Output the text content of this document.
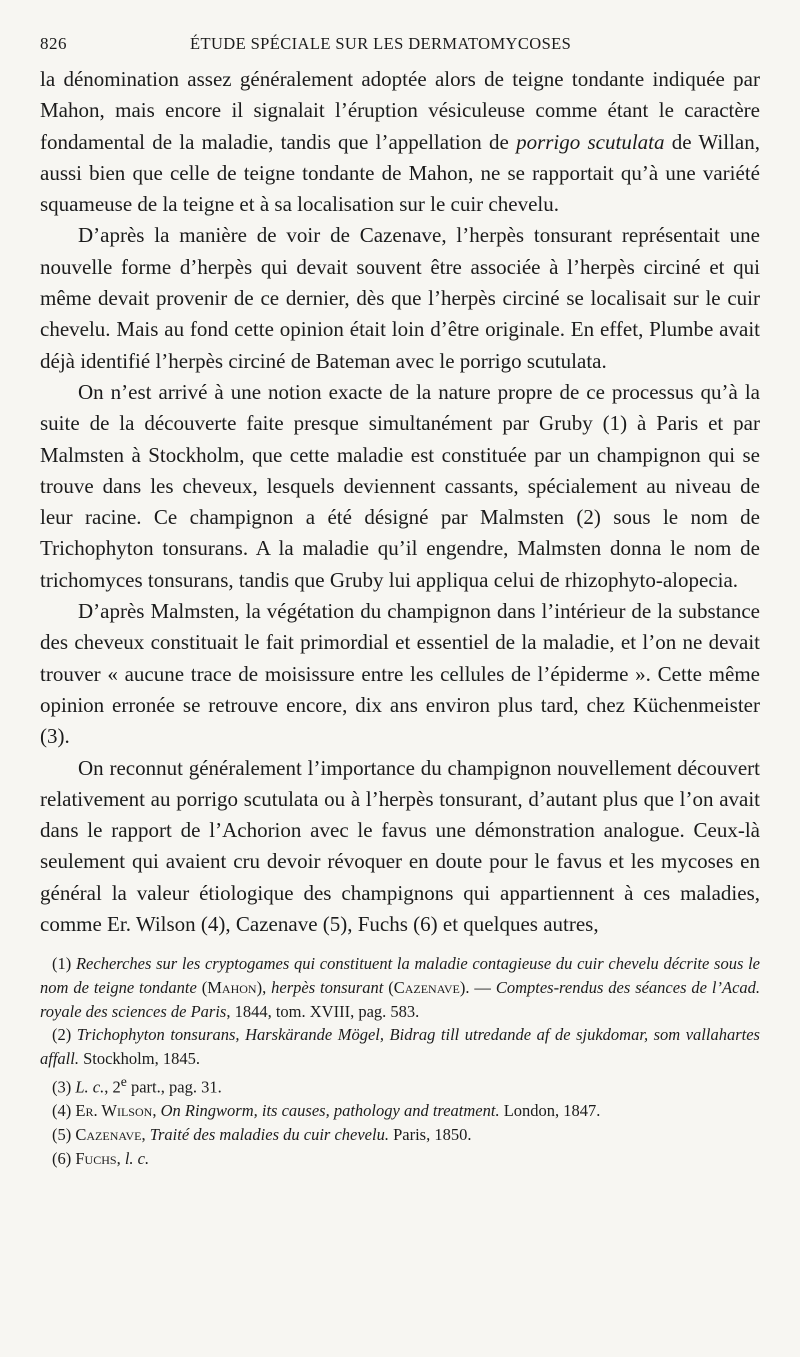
826	ÉTUDE SPÉCIALE SUR LES DERMATOMYCOSES

la dénomination assez généralement adoptée alors de teigne tondante indiquée par Mahon, mais encore il signalait l’éruption vésiculeuse comme étant le caractère fondamental de la maladie, tandis que l’appellation de porrigo scutulata de Willan, aussi bien que celle de teigne tondante de Mahon, ne se rapportait qu’à une variété squameuse de la teigne et à sa localisation sur le cuir chevelu.

D’après la manière de voir de Cazenave, l’herpès tonsurant représentait une nouvelle forme d’herpès qui devait souvent être associée à l’herpès circiné et qui même devait provenir de ce dernier, dès que l’herpès circiné se localisait sur le cuir chevelu. Mais au fond cette opinion était loin d’être originale. En effet, Plumbe avait déjà identifié l’herpès circiné de Bateman avec le porrigo scutulata.

On n’est arrivé à une notion exacte de la nature propre de ce processus qu’à la suite de la découverte faite presque simultanément par Gruby (1) à Paris et par Malmsten à Stockholm, que cette maladie est constituée par un champignon qui se trouve dans les cheveux, lesquels deviennent cassants, spécialement au niveau de leur racine. Ce champignon a été désigné par Malmsten (2) sous le nom de Trichophyton tonsurans. A la maladie qu’il engendre, Malmsten donna le nom de trichomyces tonsurans, tandis que Gruby lui appliqua celui de rhizophyto-alopecia.

D’après Malmsten, la végétation du champignon dans l’intérieur de la substance des cheveux constituait le fait primordial et essentiel de la maladie, et l’on ne devait trouver « aucune trace de moisissure entre les cellules de l’épiderme ». Cette même opinion erronée se retrouve encore, dix ans environ plus tard, chez Küchenmeister (3).

On reconnut généralement l’importance du champignon nouvellement découvert relativement au porrigo scutulata ou à l’herpès tonsurant, d’autant plus que l’on avait dans le rapport de l’Achorion avec le favus une démonstration analogue. Ceux-là seulement qui avaient cru devoir révoquer en doute pour le favus et les mycoses en général la valeur étiologique des champignons qui appartiennent à ces maladies, comme Er. Wilson (4), Cazenave (5), Fuchs (6) et quelques autres,

(1) Recherches sur les cryptogames qui constituent la maladie contagieuse du cuir chevelu décrite sous le nom de teigne tondante (Mahon), herpès tonsurant (Cazenave). — Comptes-rendus des séances de l’Acad. royale des sciences de Paris, 1844, tom. XVIII, pag. 583.

(2) Trichophyton tonsurans, Harskärande Mögel, Bidrag till utredande af de sjukdomar, som vallahartes affall. Stockholm, 1845.

(3) L. c., 2e part., pag. 31.

(4) Er. Wilson, On Ringworm, its causes, pathology and treatment. London, 1847.

(5) Cazenave, Traité des maladies du cuir chevelu. Paris, 1850.

(6) Fuchs, l. c.
